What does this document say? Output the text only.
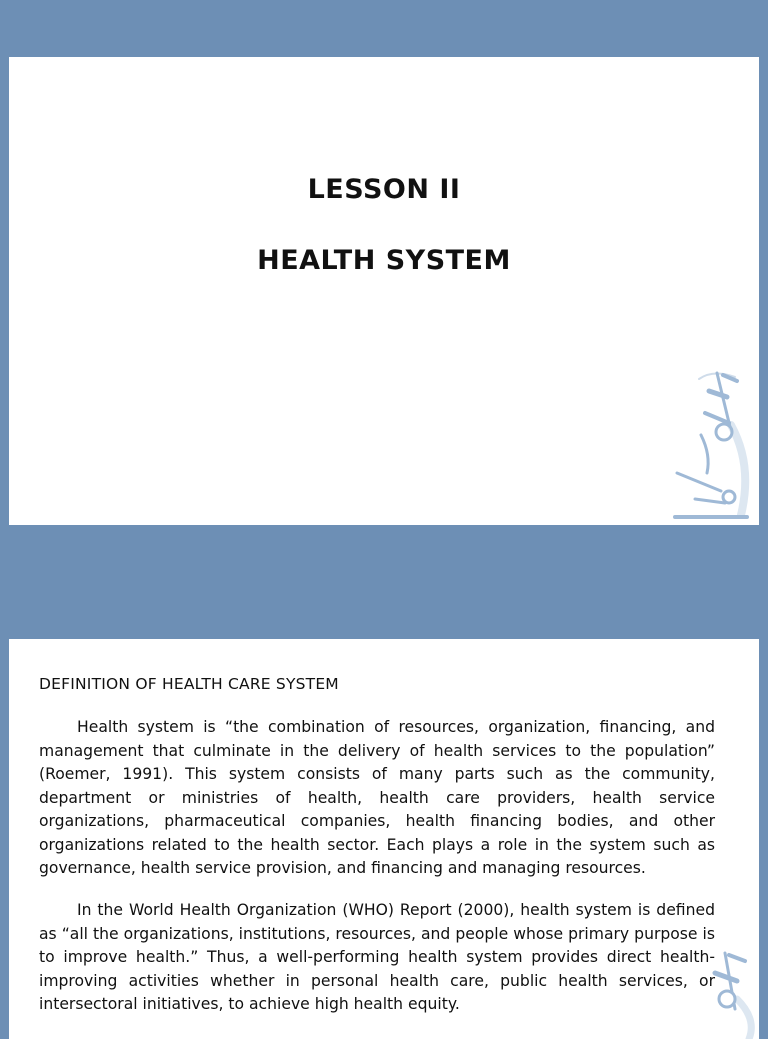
LESSON II
HEALTH SYSTEM
DEFINITION OF HEALTH CARE SYSTEM

Health system is “the combination of resources, organization, financing, and management that culminate in the delivery of health services to the population” (Roemer, 1991). This system consists of many parts such as the community, department or ministries of health, health care providers, health service organizations, pharmaceutical companies, health financing bodies, and other organizations related to the health sector. Each plays a role in the system such as governance, health service provision, and financing and managing resources.

In the World Health Organization (WHO) Report (2000), health system is defined as “all the organizations, institutions, resources, and people whose primary purpose is to improve health.” Thus, a well-performing health system provides direct health-improving activities whether in personal health care, public health services, or intersectoral initiatives, to achieve high health equity.
